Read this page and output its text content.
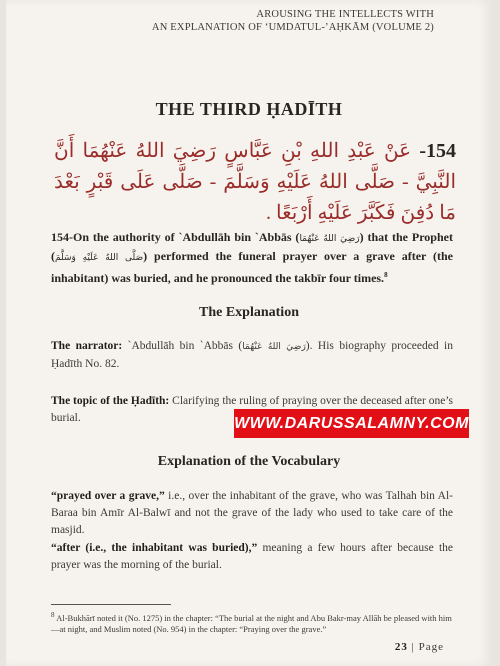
AROUSING THE INTELLECTS WITH
AN EXPLANATION OF ‘UMDATUL-’AḤKĀM (VOLUME 2)
THE THIRD ḤADĪTH
154- عَنْ عَبْدِ اللهِ بْنِ عَبَّاسٍ رَضِيَ اللهُ عَنْهُمَا أَنَّ النَّبِيَّ - صَلَّى اللهُ عَلَيْهِ وَسَلَّمَ - صَلَّى عَلَى قَبْرٍ بَعْدَ مَا دُفِنَ فَكَبَّرَ عَلَيْهِ أَرْبَعًا .
154-On the authority of `Abdullāh bin `Abbās (رَضِيَ اللهُ عَنْهُمَا) that the Prophet (صَلَّى اللهُ عَلَيْهِ وَسَلَّمَ) performed the funeral prayer over a grave after (the inhabitant) was buried, and he pronounced the takbīr four times.$^8$
The Explanation
The narrator: `Abdullāh bin `Abbās (رَضِيَ اللهُ عَنْهُمَا). His biography proceeded in Ḥadīth No. 82.
The topic of the Ḥadīth: Clarifying the ruling of praying over the deceased after one’s burial.	WWW.DARUSSALAMNY.COM
Explanation of the Vocabulary
“prayed over a grave,” i.e., over the inhabitant of the grave, who was Talhah bin Al-Baraa bin Amīr Al-Balwī and not the grave of the lady who used to take care of the masjid.
“after (i.e., the inhabitant was buried),” meaning a few hours after because the prayer was the morning of the burial.
$^8$ Al-Bukhārī noted it (No. 1275) in the chapter: “The burial at the night and Abu Bakr-may Allāh be pleased with him—at night, and Muslim noted (No. 954) in the chapter: “Praying over the grave.”
23 | Page
